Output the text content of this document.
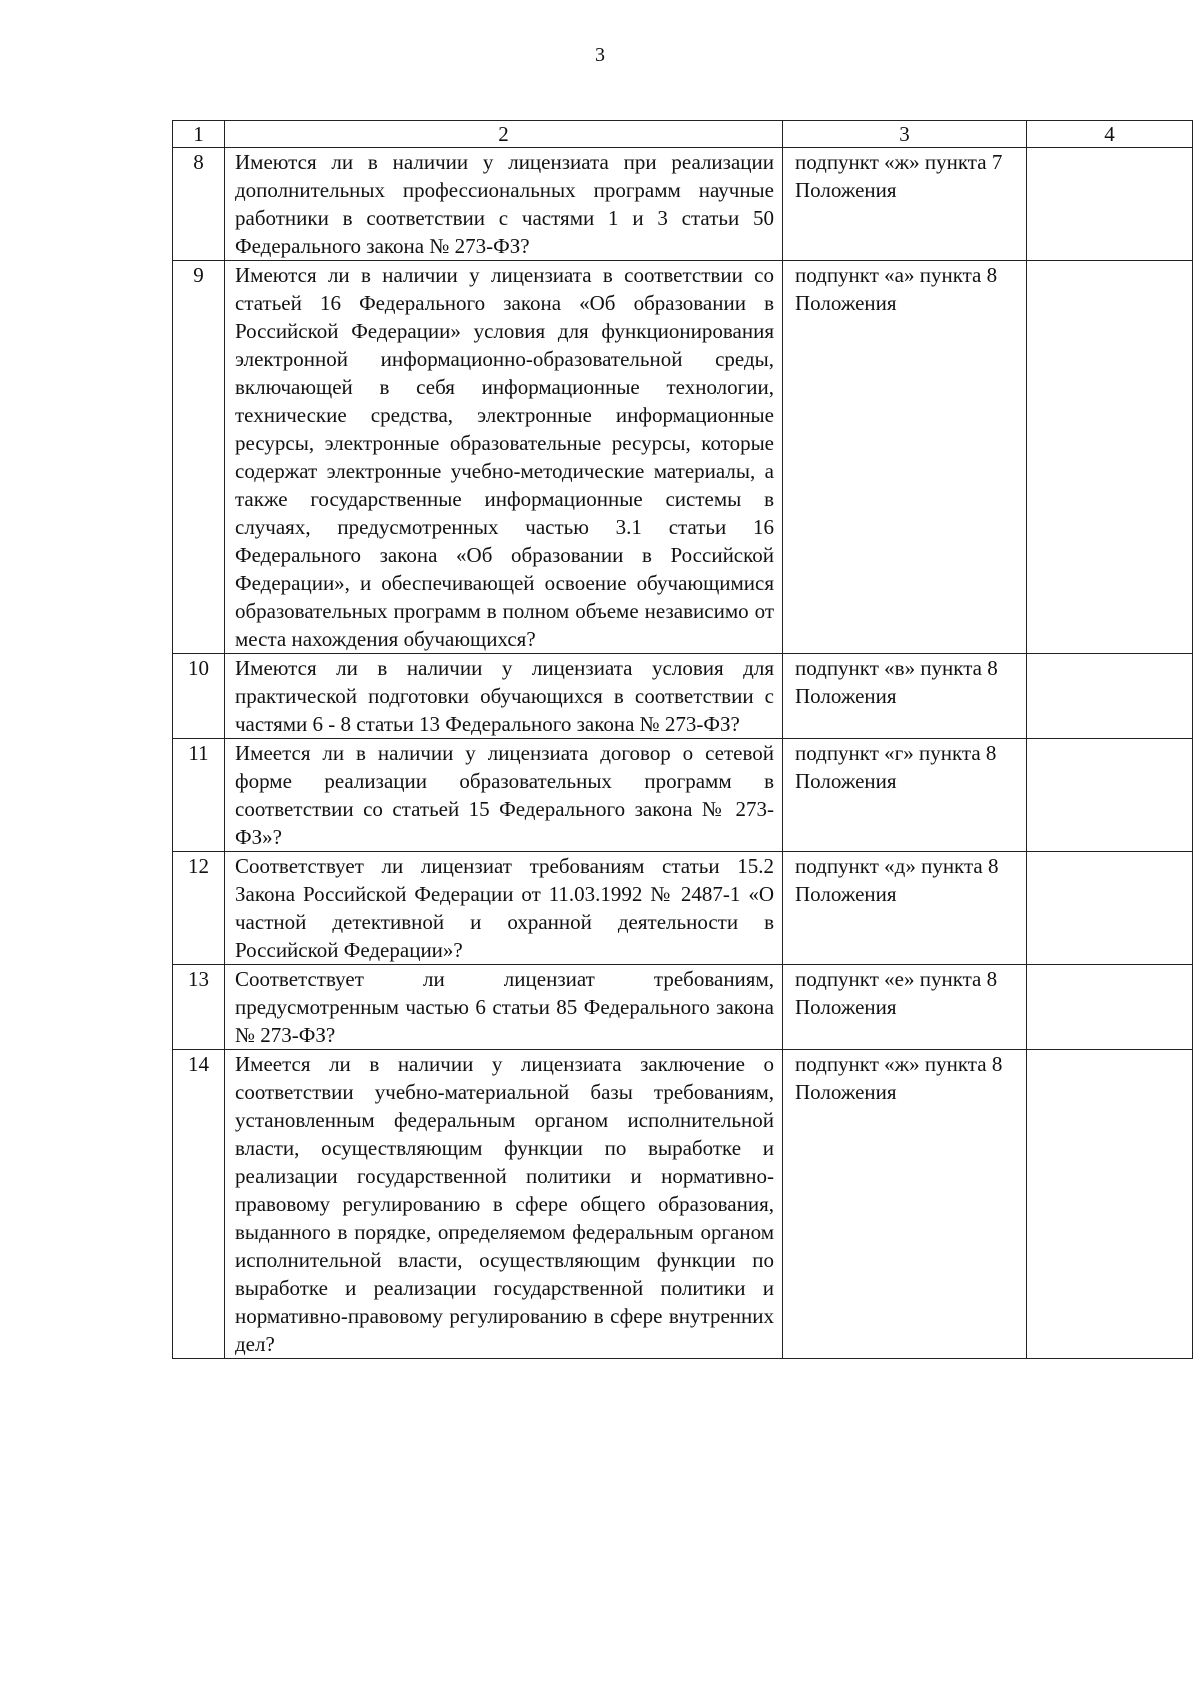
3
1	2	3	4
8	Имеются ли в наличии у лицензиата при реализации дополнительных профессиональных программ научные работники в соответствии с частями 1 и 3 статьи 50 Федерального закона № 273-ФЗ?	подпункт «ж» пункта 7 Положения	
9	Имеются ли в наличии у лицензиата в соответствии со статьей 16 Федерального закона «Об образовании в Российской Федерации» условия для функционирования электронной информационно-образовательной среды, включающей в себя информационные технологии, технические средства, электронные информационные ресурсы, электронные образовательные ресурсы, которые содержат электронные учебно-методические материалы, а также государственные информационные системы в случаях, предусмотренных частью 3.1 статьи 16 Федерального закона «Об образовании в Российской Федерации», и обеспечивающей освоение обучающимися образовательных программ в полном объеме независимо от места нахождения обучающихся?	подпункт «а» пункта 8 Положения	
10	Имеются ли в наличии у лицензиата условия для практической подготовки обучающихся в соответствии с частями 6 - 8 статьи 13 Федерального закона № 273-ФЗ?	подпункт «в» пункта 8 Положения	
11	Имеется ли в наличии у лицензиата договор о сетевой форме реализации образовательных программ в соответствии со статьей 15 Федерального закона № 273-ФЗ»?	подпункт «г» пункта 8 Положения	
12	Соответствует ли лицензиат требованиям статьи 15.2 Закона Российской Федерации от 11.03.1992 № 2487-1 «О частной детективной и охранной деятельности в Российской Федерации»?	подпункт «д» пункта 8 Положения	
13	Соответствует ли лицензиат требованиям, предусмотренным частью 6 статьи 85 Федерального закона № 273-ФЗ?	подпункт «е» пункта 8 Положения	
14	Имеется ли в наличии у лицензиата заключение о соответствии учебно-материальной базы требованиям, установленным федеральным органом исполнительной власти, осуществляющим функции по выработке и реализации государственной политики и нормативно-правовому регулированию в сфере общего образования, выданного в порядке, определяемом федеральным органом исполнительной власти, осуществляющим функции по выработке и реализации государственной политики и нормативно-правовому регулированию в сфере внутренних дел?	подпункт «ж» пункта 8 Положения	
